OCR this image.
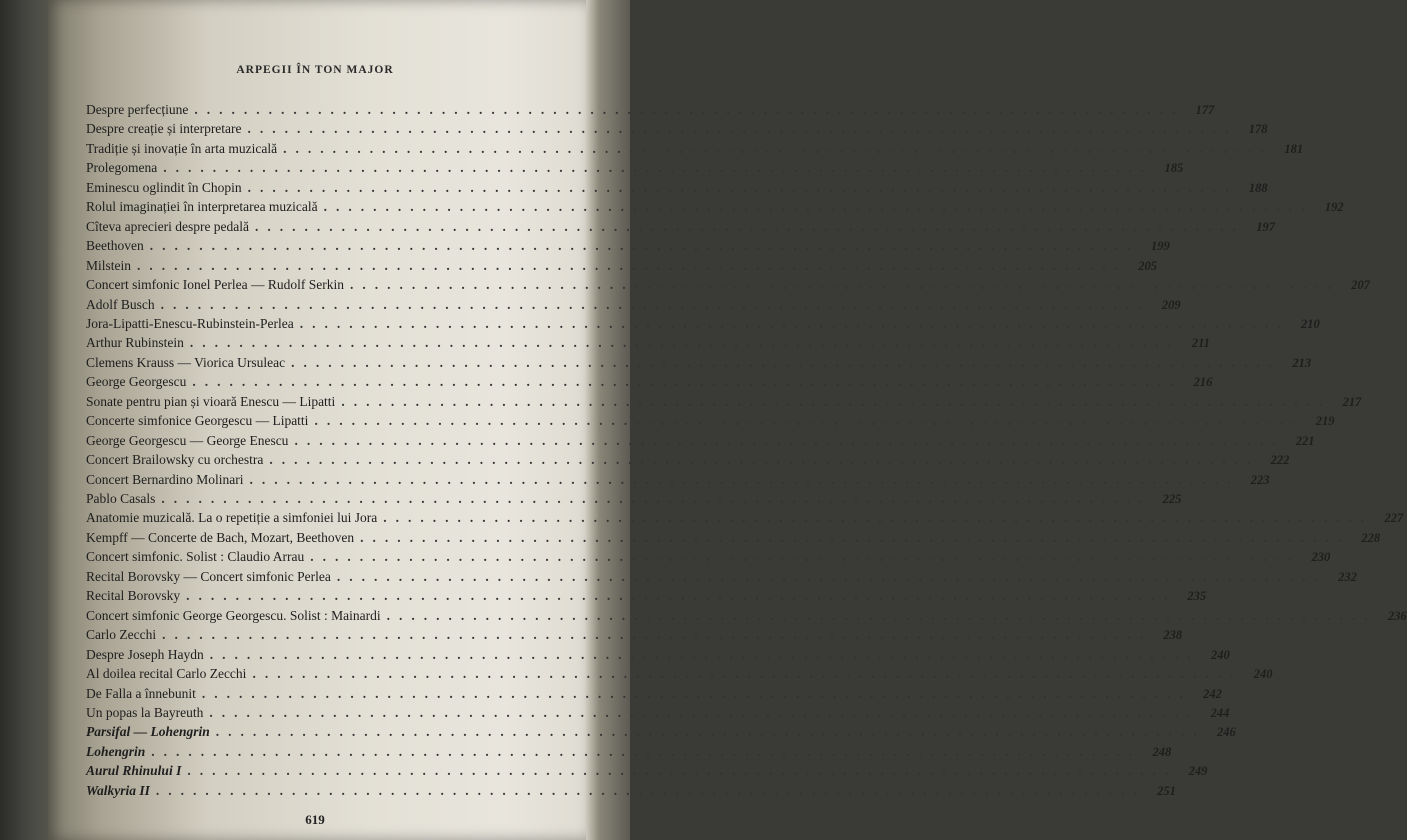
ARPEGII ÎN TON MAJOR
Despre perfecțiune ................................................................................ 177
Despre creație și interpretare ................................................................................ 178
Tradiție și inovație în arta muzicală ................................................................................ 181
Prolegomena ................................................................................ 185
Eminescu oglindit în Chopin ................................................................................ 188
Rolul imaginației în interpretarea muzicală ................................................................................ 192
Cîteva aprecieri despre pedală ................................................................................ 197
Beethoven ................................................................................ 199
Milstein ................................................................................ 205
Concert simfonic Ionel Perlea — Rudolf Serkin ................................................................................ 207
Adolf Busch ................................................................................ 209
Jora-Lipatti-Enescu-Rubinstein-Perlea ................................................................................ 210
Arthur Rubinstein ................................................................................ 211
Clemens Krauss — Viorica Ursuleac ................................................................................ 213
George Georgescu ................................................................................ 216
Sonate pentru pian și vioară Enescu — Lipatti ................................................................................ 217
Concerte simfonice Georgescu — Lipatti ................................................................................ 219
George Georgescu — George Enescu ................................................................................ 221
Concert Brailowsky cu orchestra ................................................................................ 222
Concert Bernardino Molinari ................................................................................ 223
Pablo Casals ................................................................................ 225
Anatomie muzicală. La o repetiție a simfoniei lui Jora ................................................................................ 227
Kempff — Concerte de Bach, Mozart, Beethoven ................................................................................ 228
Concert simfonic. Solist : Claudio Arrau ................................................................................ 230
Recital Borovsky — Concert simfonic Perlea ................................................................................ 232
Recital Borovsky ................................................................................ 235
Concert simfonic George Georgescu. Solist : Mainardi ................................................................................ 236
Carlo Zecchi ................................................................................ 238
Despre Joseph Haydn ................................................................................ 240
Al doilea recital Carlo Zecchi ................................................................................ 240
De Falla a înnebunit ................................................................................ 242
Un popas la Bayreuth ................................................................................ 244
Parsifal — Lohengrin ................................................................................ 246
Lohengrin ................................................................................ 248
Aurul Rhinului I ................................................................................ 249
Walkyria II ................................................................................ 251
619
